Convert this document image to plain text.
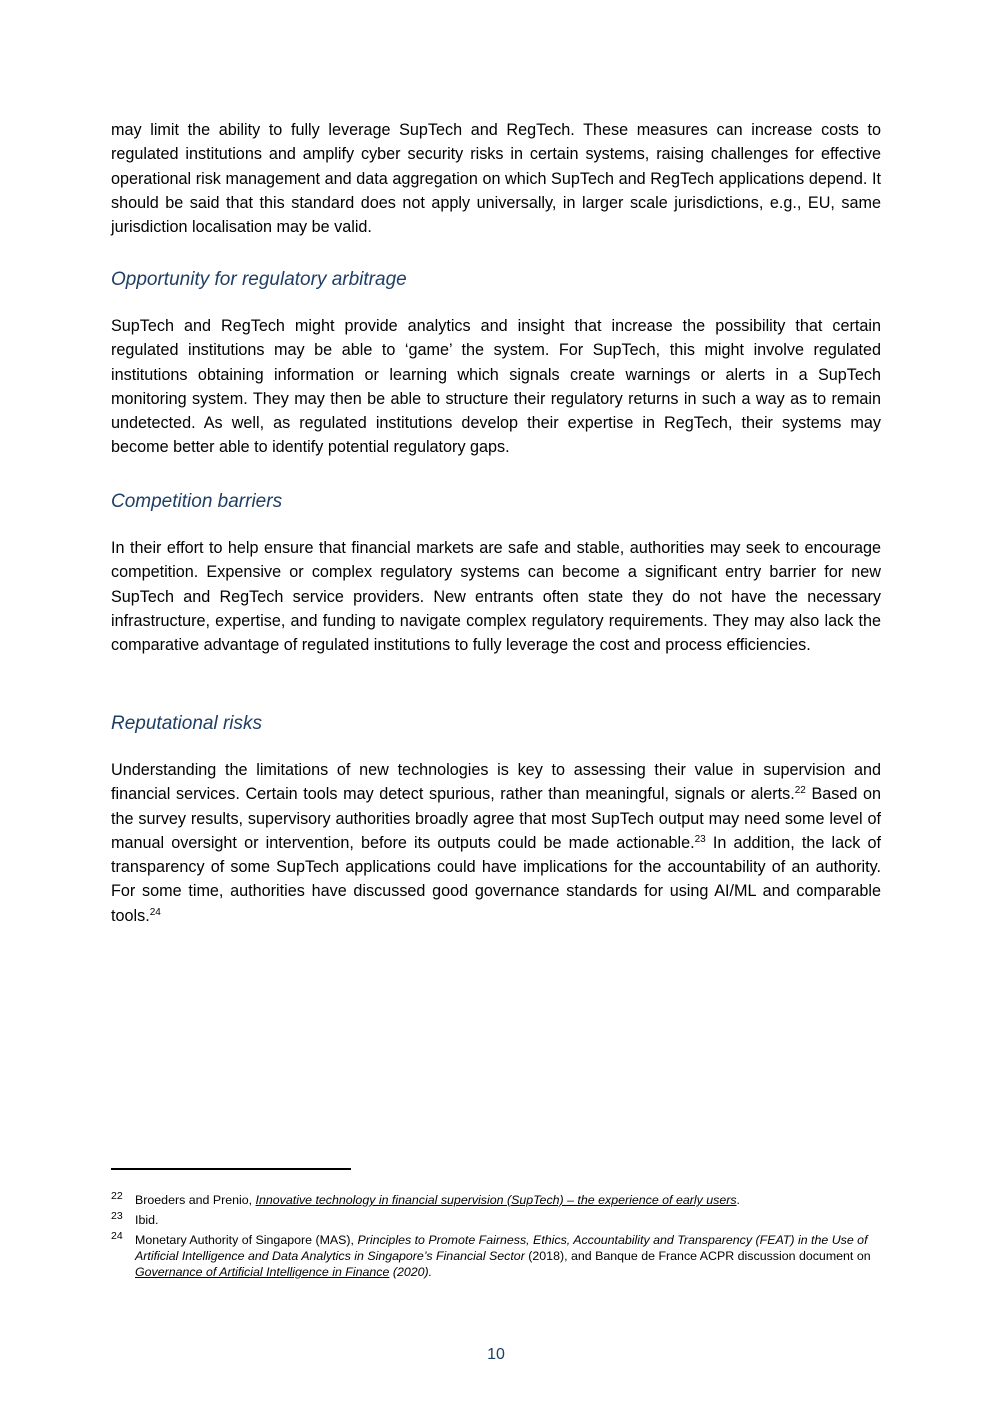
may limit the ability to fully leverage SupTech and RegTech. These measures can increase costs to regulated institutions and amplify cyber security risks in certain systems, raising challenges for effective operational risk management and data aggregation on which SupTech and RegTech applications depend. It should be said that this standard does not apply universally, in larger scale jurisdictions, e.g., EU, same jurisdiction localisation may be valid.

Opportunity for regulatory arbitrage

SupTech and RegTech might provide analytics and insight that increase the possibility that certain regulated institutions may be able to ‘game’ the system. For SupTech, this might involve regulated institutions obtaining information or learning which signals create warnings or alerts in a SupTech monitoring system. They may then be able to structure their regulatory returns in such a way as to remain undetected. As well, as regulated institutions develop their expertise in RegTech, their systems may become better able to identify potential regulatory gaps.

Competition barriers

In their effort to help ensure that financial markets are safe and stable, authorities may seek to encourage competition. Expensive or complex regulatory systems can become a significant entry barrier for new SupTech and RegTech service providers. New entrants often state they do not have the necessary infrastructure, expertise, and funding to navigate complex regulatory requirements. They may also lack the comparative advantage of regulated institutions to fully leverage the cost and process efficiencies.

Reputational risks

Understanding the limitations of new technologies is key to assessing their value in supervision and financial services. Certain tools may detect spurious, rather than meaningful, signals or alerts.$^{22}$ Based on the survey results, supervisory authorities broadly agree that most SupTech output may need some level of manual oversight or intervention, before its outputs could be made actionable.$^{23}$ In addition, the lack of transparency of some SupTech applications could have implications for the accountability of an authority. For some time, authorities have discussed good governance standards for using AI/ML and comparable tools.$^{24}$

22 Broeders and Prenio, Innovative technology in financial supervision (SupTech) – the experience of early users.
23 Ibid.
24 Monetary Authority of Singapore (MAS), Principles to Promote Fairness, Ethics, Accountability and Transparency (FEAT) in the Use of Artificial Intelligence and Data Analytics in Singapore’s Financial Sector (2018), and Banque de France ACPR discussion document on Governance of Artificial Intelligence in Finance (2020).
10
